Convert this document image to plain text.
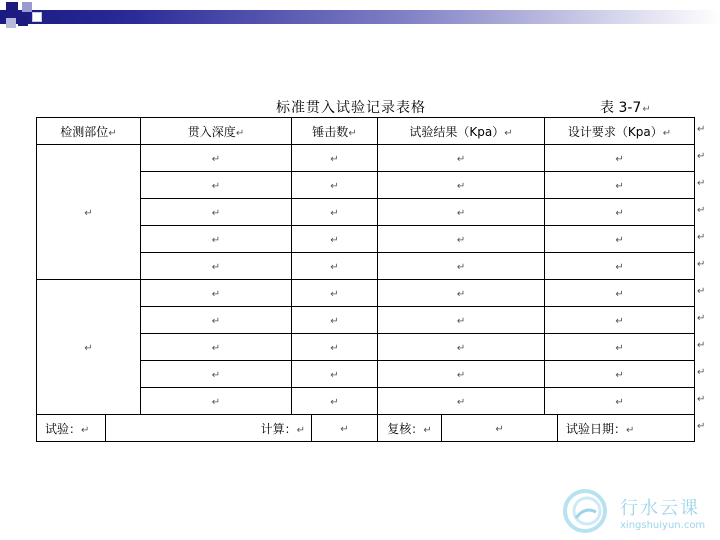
标准贯入试验记录表格	表 3-7↵
检测部位↵		贯入深度↵	锤击数↵		试验结果（Kpa）↵		设计要求（Kpa）↵	
↵		↵	↵		↵		↵	
		↵	↵		↵		↵	
		↵	↵		↵		↵	
		↵	↵		↵		↵	
		↵	↵		↵		↵	
↵		↵	↵		↵		↵	
		↵	↵		↵		↵	
		↵	↵		↵		↵	
		↵	↵		↵		↵	
		↵	↵		↵		↵	
试验：↵	计算：↵			↵	复核：↵	↵		试验日期：↵
↵
↵
↵
↵
↵
↵
↵
↵
↵
↵
↵
↵
行水云课
xingshuiyun.com
